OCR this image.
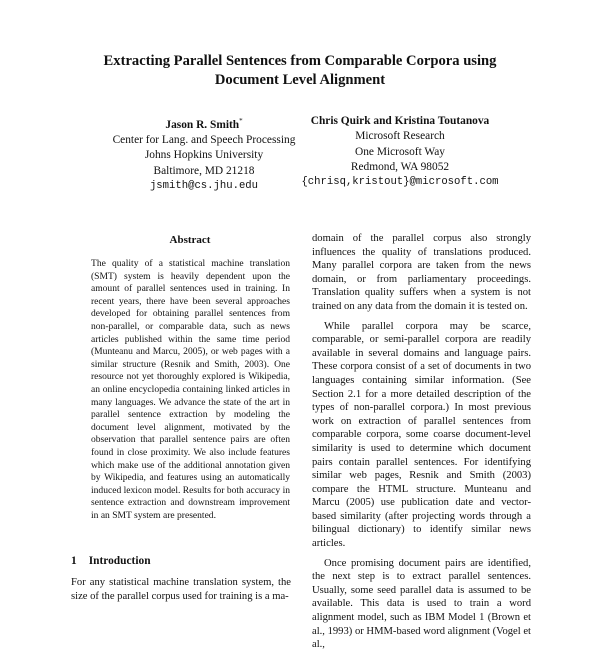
Extracting Parallel Sentences from Comparable Corpora using Document Level Alignment
Jason R. Smith*
Center for Lang. and Speech Processing
Johns Hopkins University
Baltimore, MD 21218
jsmith@cs.jhu.edu
Chris Quirk and Kristina Toutanova
Microsoft Research
One Microsoft Way
Redmond, WA 98052
{chrisq,kristout}@microsoft.com
Abstract

The quality of a statistical machine translation (SMT) system is heavily dependent upon the amount of parallel sentences used in training. In recent years, there have been several approaches developed for obtaining parallel sentences from non-parallel, or comparable data, such as news articles published within the same time period (Munteanu and Marcu, 2005), or web pages with a similar structure (Resnik and Smith, 2003). One resource not yet thoroughly explored is Wikipedia, an online encyclopedia containing linked articles in many languages. We advance the state of the art in parallel sentence extraction by modeling the document level alignment, motivated by the observation that parallel sentence pairs are often found in close proximity. We also include features which make use of the additional annotation given by Wikipedia, and features using an automatically induced lexicon model. Results for both accuracy in sentence extraction and downstream improvement in an SMT system are presented.

1 Introduction

For any statistical machine translation system, the size of the parallel corpus used for training is a ma-

domain of the parallel corpus also strongly influences the quality of translations produced. Many parallel corpora are taken from the news domain, or from parliamentary proceedings. Translation quality suffers when a system is not trained on any data from the domain it is tested on.

While parallel corpora may be scarce, comparable, or semi-parallel corpora are readily available in several domains and language pairs. These corpora consist of a set of documents in two languages containing similar information. (See Section 2.1 for a more detailed description of the types of non-parallel corpora.) In most previous work on extraction of parallel sentences from comparable corpora, some coarse document-level similarity is used to determine which document pairs contain parallel sentences. For identifying similar web pages, Resnik and Smith (2003) compare the HTML structure. Munteanu and Marcu (2005) use publication date and vector-based similarity (after projecting words through a bilingual dictionary) to identify similar news articles.

Once promising document pairs are identified, the next step is to extract parallel sentences. Usually, some seed parallel data is assumed to be available. This data is used to train a word alignment model, such as IBM Model 1 (Brown et al., 1993) or HMM-based word alignment (Vogel et al.,
